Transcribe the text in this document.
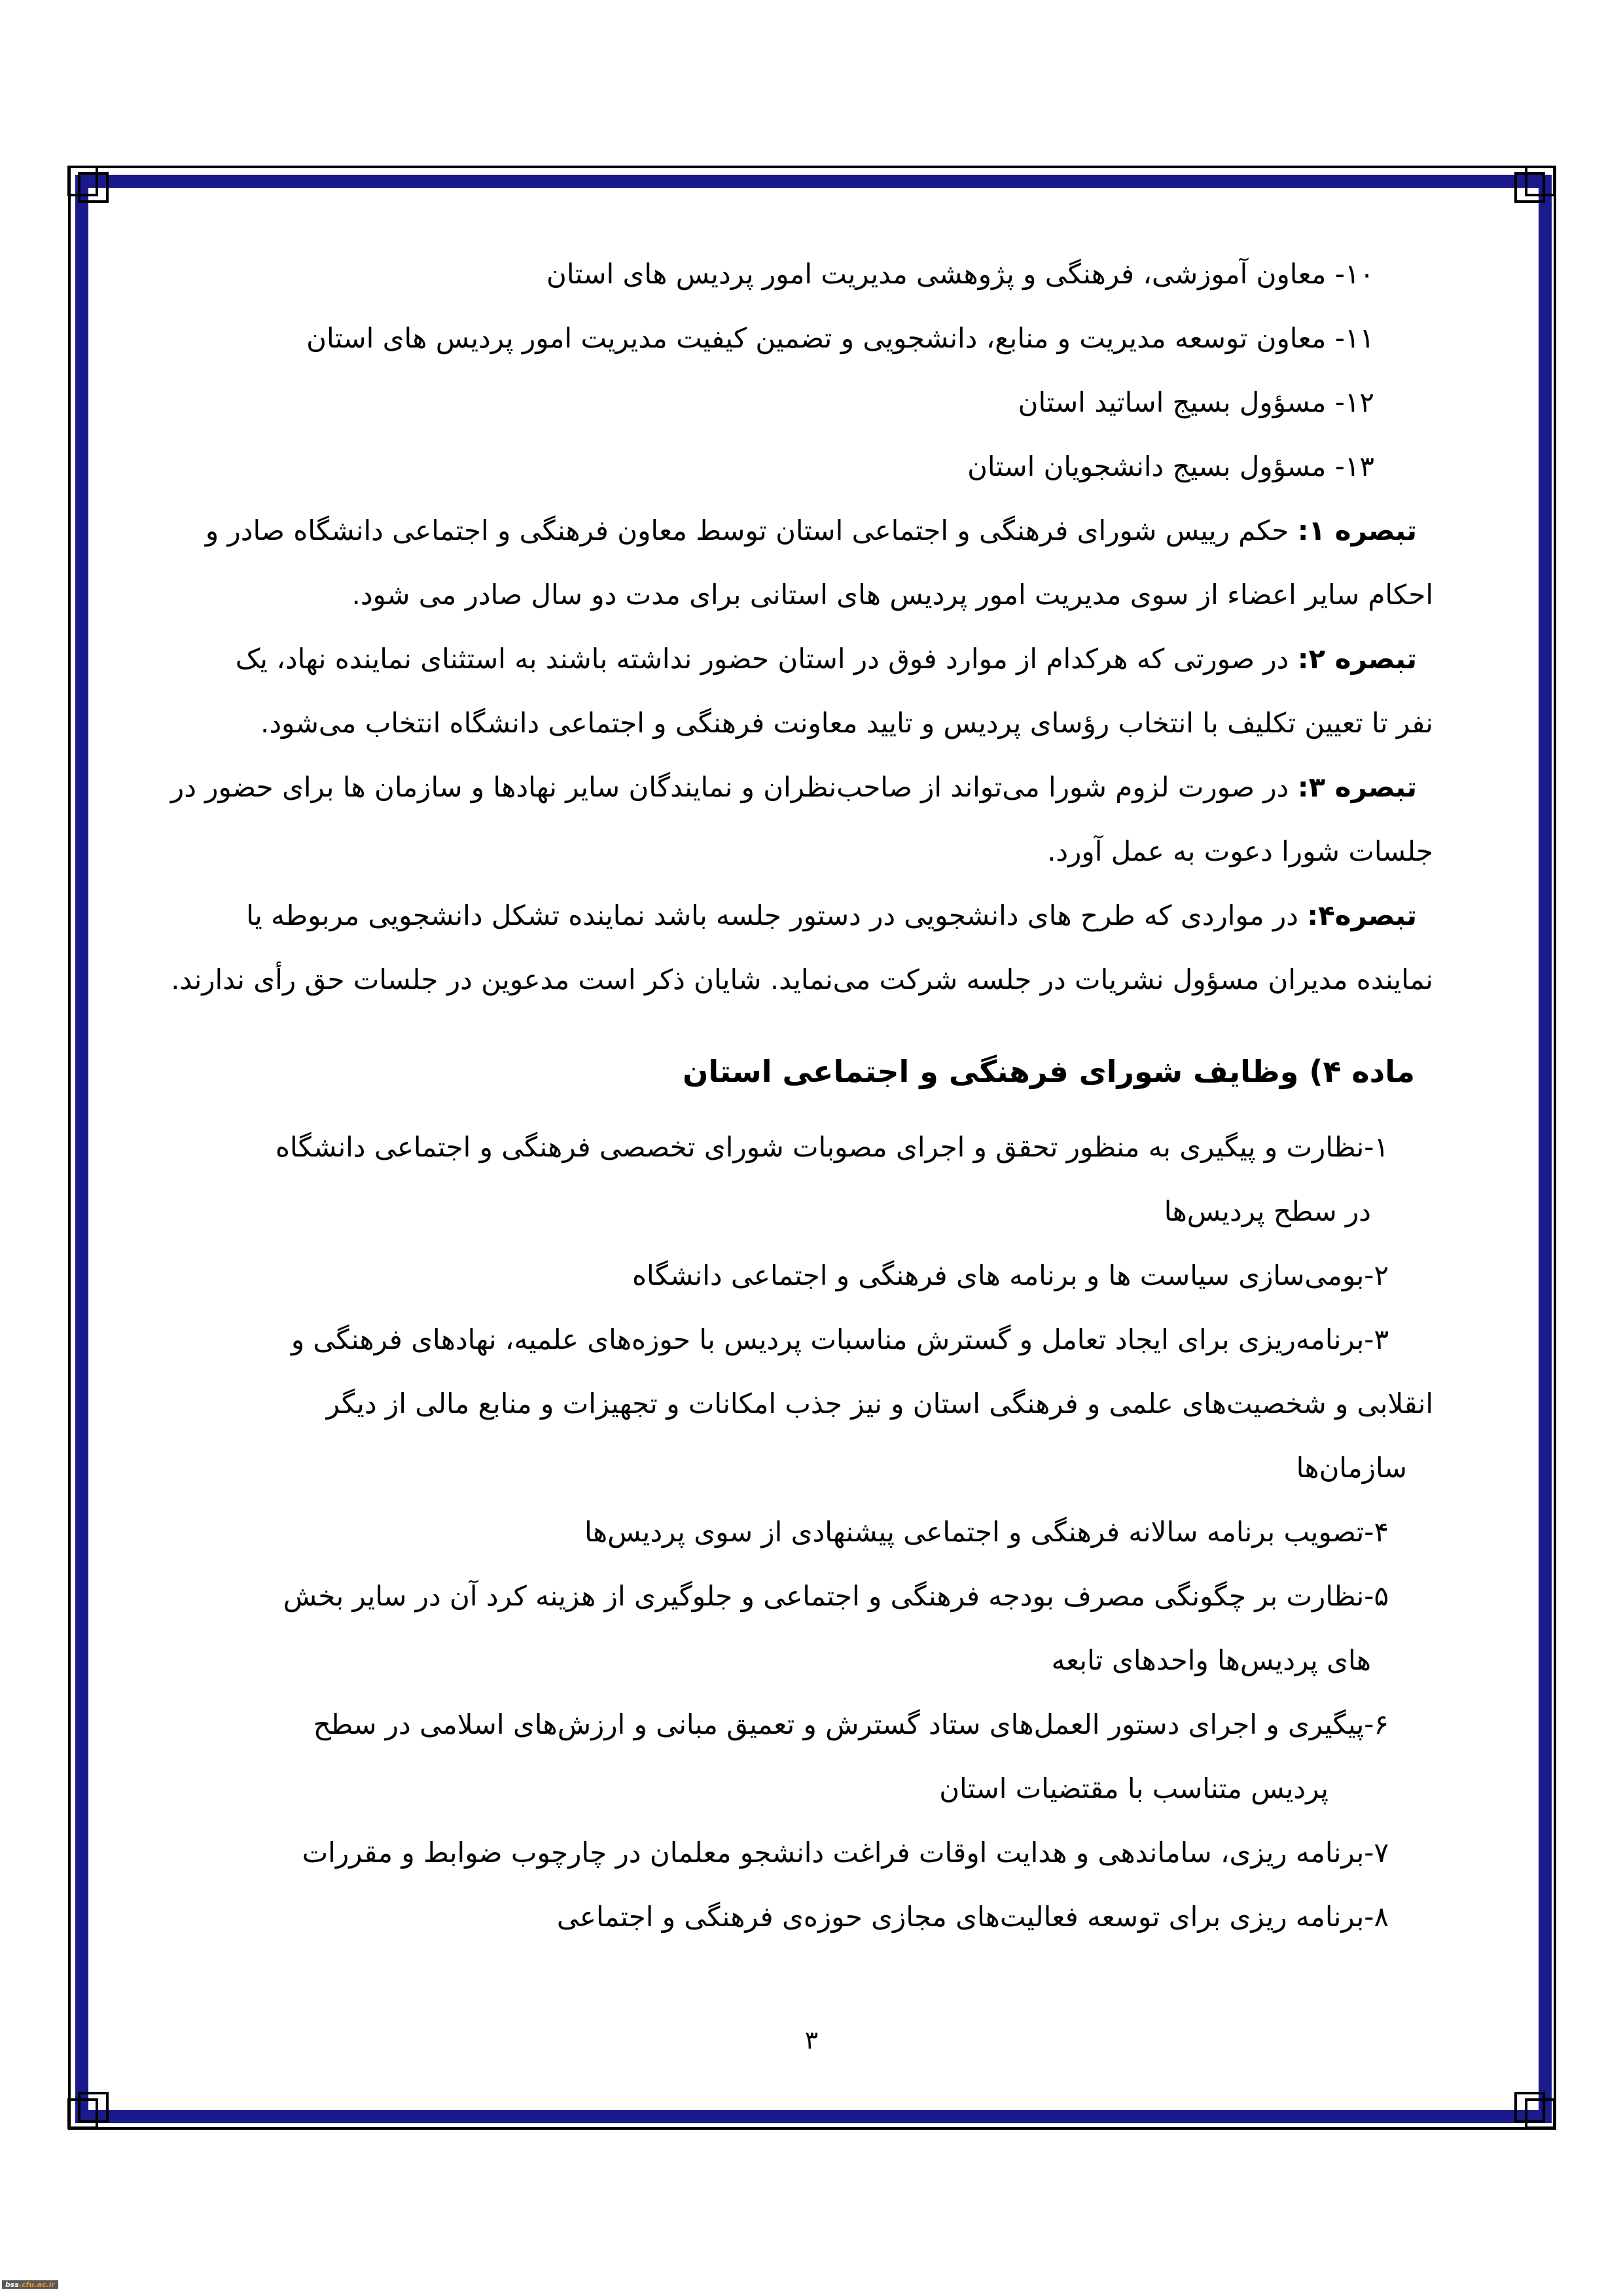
۱۰- معاون آموزشی، فرهنگی و پژوهشی مدیریت امور پردیس های استان
۱۱- معاون توسعه مدیریت و منابع، دانشجویی و تضمین کیفیت مدیریت امور پردیس های استان
۱۲- مسؤول بسیج اساتید استان
۱۳- مسؤول بسیج دانشجویان استان
تبصره ۱: حکم رییس شورای فرهنگی و اجتماعی استان توسط معاون فرهنگی و اجتماعی دانشگاه صادر و
احکام سایر اعضاء از سوی مدیریت امور پردیس های استانی برای مدت دو سال صادر می شود.
تبصره ۲: در صورتی که هرکدام از موارد فوق در استان حضور نداشته باشند به استثنای نماینده نهاد، یک
نفر تا تعیین تکلیف با انتخاب رؤسای پردیس و تایید معاونت فرهنگی و اجتماعی دانشگاه انتخاب می‌شود.
تبصره ۳: در صورت لزوم شورا می‌تواند از صاحب‌نظران و نمایندگان سایر نهادها و سازمان ها برای حضور در
جلسات شورا دعوت به عمل آورد.
تبصره۴: در مواردی که طرح های دانشجویی در دستور جلسه باشد نماینده تشکل دانشجویی مربوطه یا
نماینده مدیران مسؤول نشریات در جلسه شرکت می‌نماید. شایان ذکر است مدعوین در جلسات حق رأی ندارند.
ماده ۴) وظایف شورای فرهنگی و اجتماعی استان
۱-نظارت و پیگیری به منظور تحقق و اجرای مصوبات شورای تخصصی فرهنگی و اجتماعی دانشگاه
در سطح پردیس‌ها
۲-بومی‌سازی سیاست ها و برنامه های فرهنگی و اجتماعی دانشگاه
۳-برنامه‌ریزی برای ایجاد تعامل و گسترش مناسبات پردیس با حوزه‌های علمیه، نهادهای فرهنگی و
انقلابی و شخصیت‌های علمی و فرهنگی استان و نیز جذب امکانات و تجهیزات و منابع مالی از دیگر
سازمان‌ها
۴-تصویب برنامه سالانه فرهنگی و اجتماعی پیشنهادی از سوی پردیس‌ها
۵-نظارت بر چگونگی مصرف بودجه فرهنگی و اجتماعی و جلوگیری از هزینه کرد آن در سایر بخش
های پردیس‌ها واحدهای تابعه
۶-پیگیری و اجرای دستور العمل‌های ستاد گسترش و تعمیق مبانی و ارزش‌های اسلامی در سطح
پردیس متناسب با مقتضیات استان
۷-برنامه ریزی، ساماندهی و هدایت اوقات فراغت دانشجو معلمان در چارچوب ضوابط و مقررات
۸-برنامه ریزی برای توسعه فعالیت‌های مجازی حوزه‌ی فرهنگی و اجتماعی
۳
bss.cfu.ac.ir
